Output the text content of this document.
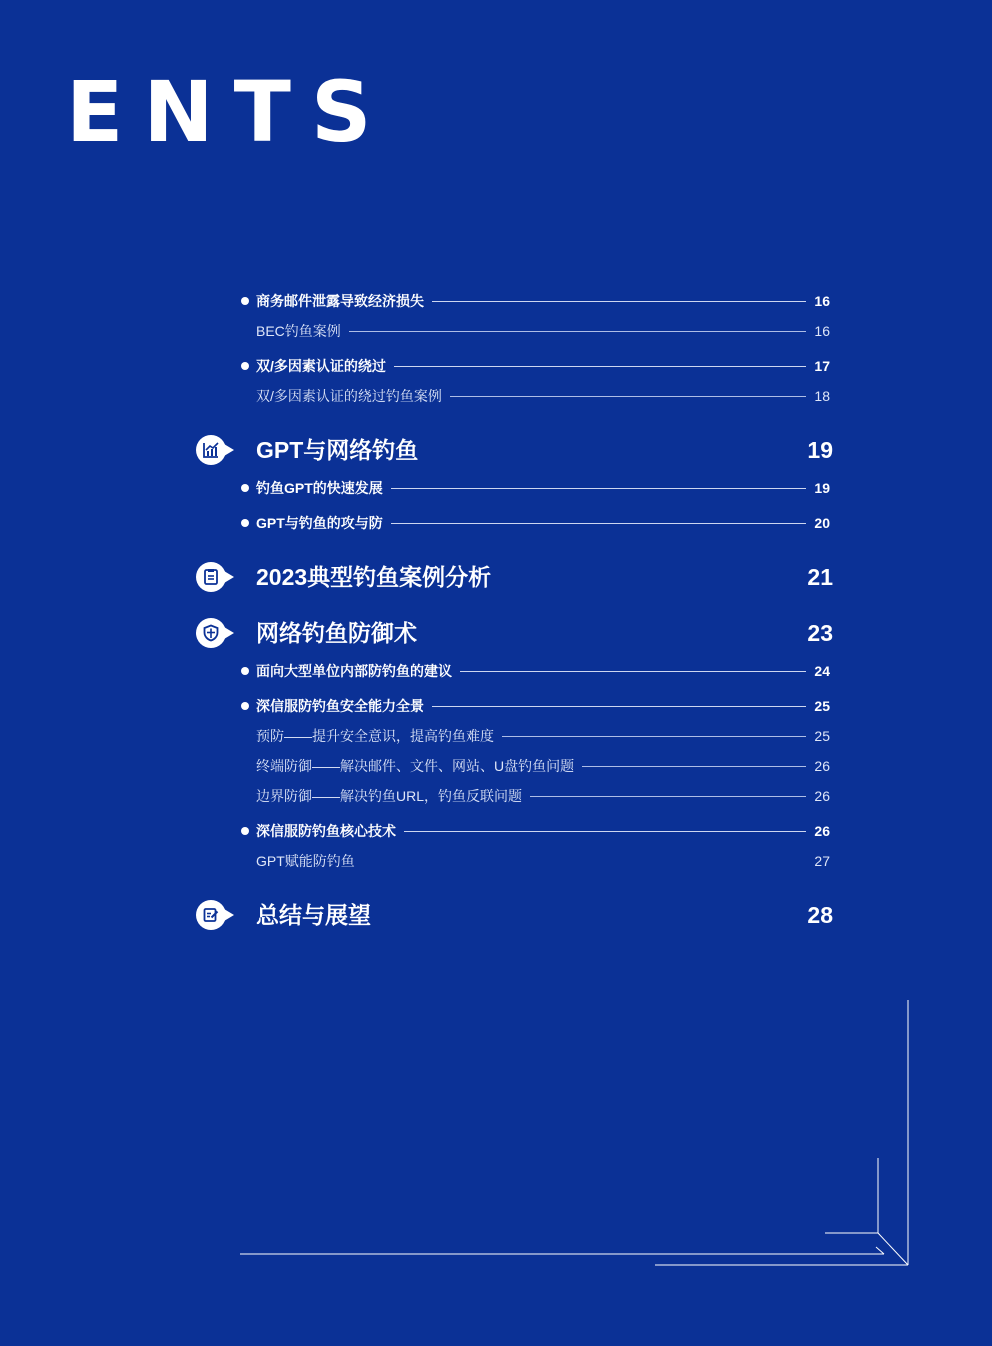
ENTS
商务邮件泄露导致经济损失	16
BEC钓鱼案例	16
双/多因素认证的绕过	17
双/多因素认证的绕过钓鱼案例	18
GPT与网络钓鱼	19
钓鱼GPT的快速发展	19
GPT与钓鱼的攻与防	20
2023典型钓鱼案例分析	21
网络钓鱼防御术	23
面向大型单位内部防钓鱼的建议	24
深信服防钓鱼安全能力全景	25
预防——提升安全意识，提高钓鱼难度	25
终端防御——解决邮件、文件、网站、U盘钓鱼问题	26
边界防御——解决钓鱼URL，钓鱼反联问题	26
深信服防钓鱼核心技术	26
GPT赋能防钓鱼	27
总结与展望	28
